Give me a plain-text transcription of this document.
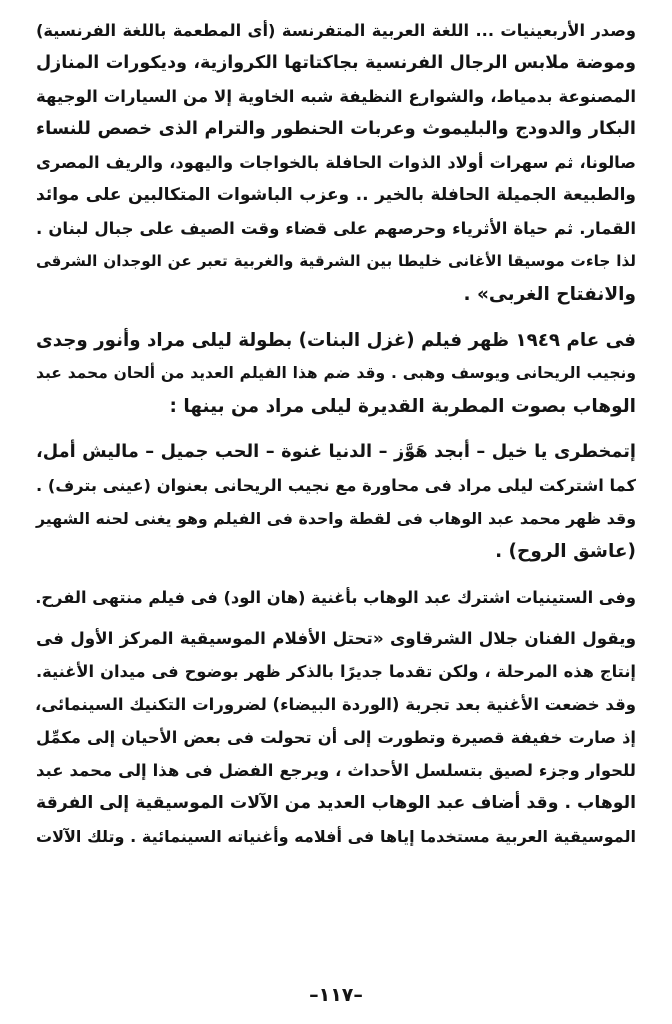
وصدر الأربعينيات ... اللغة العربية المتفرنسة (أى المطعمة باللغة الفرنسية)
وموضة ملابس الرجال الفرنسية بجاكتاتها الكروازية، وديكورات المنازل
المصنوعة بدمياط، والشوارع النظيفة شبه الخاوية إلا من السيارات الوجيهة
البكار والدودج والبليموث وعربات الحنطور والترام الذى خصص للنساء
صالونا، ثم سهرات أولاد الذوات الحافلة بالخواجات واليهود، والريف المصرى
والطبيعة الجميلة الحافلة بالخير .. وعزب الباشوات المتكالبين على موائد
القمار. ثم حياة الأثرياء وحرصهم على قضاء وقت الصيف على جبال لبنان .
لذا جاءت موسيقا الأغانى خليطا بين الشرقية والغربية تعبر عن الوجدان الشرقى
والانفتاح الغربى» .
فى عام ١٩٤٩ ظهر فيلم (غزل البنات) بطولة ليلى مراد وأنور وجدى
ونجيب الريحانى ويوسف وهبى . وقد ضم هذا الفيلم العديد من ألحان محمد عبد
الوهاب بصوت المطربة القديرة ليلى مراد من بينها :
إتمخطرى يا خيل – أبجد هَوَّز – الدنيا غنوة – الحب جميل – ماليش أمل،
كما اشتركت ليلى مراد فى محاورة مع نجيب الريحانى بعنوان (عينى بترف) .
وقد ظهر محمد عبد الوهاب فى لقطة واحدة فى الفيلم وهو يغنى لحنه الشهير
(عاشق الروح) .
وفى الستينيات اشترك عبد الوهاب بأغنية (هان الود) فى فيلم منتهى الفرح.
ويقول الفنان جلال الشرقاوى «تحتل الأفلام الموسيقية المركز الأول فى
إنتاج هذه المرحلة ، ولكن تقدما جديرًا بالذكر ظهر بوضوح فى ميدان الأغنية.
وقد خضعت الأغنية بعد تجربة (الوردة البيضاء) لضرورات التكنيك السينمائى،
إذ صارت خفيفة قصيرة وتطورت إلى أن تحولت فى بعض الأحيان إلى مكمِّل
للحوار وجزء لصيق بتسلسل الأحداث ، ويرجع الفضل فى هذا إلى محمد عبد
الوهاب . وقد أضاف عبد الوهاب العديد من الآلات الموسيقية إلى الفرقة
الموسيقية العربية مستخدما إياها فى أفلامه وأغنياته السينمائية . وتلك الآلات
–١١٧–
